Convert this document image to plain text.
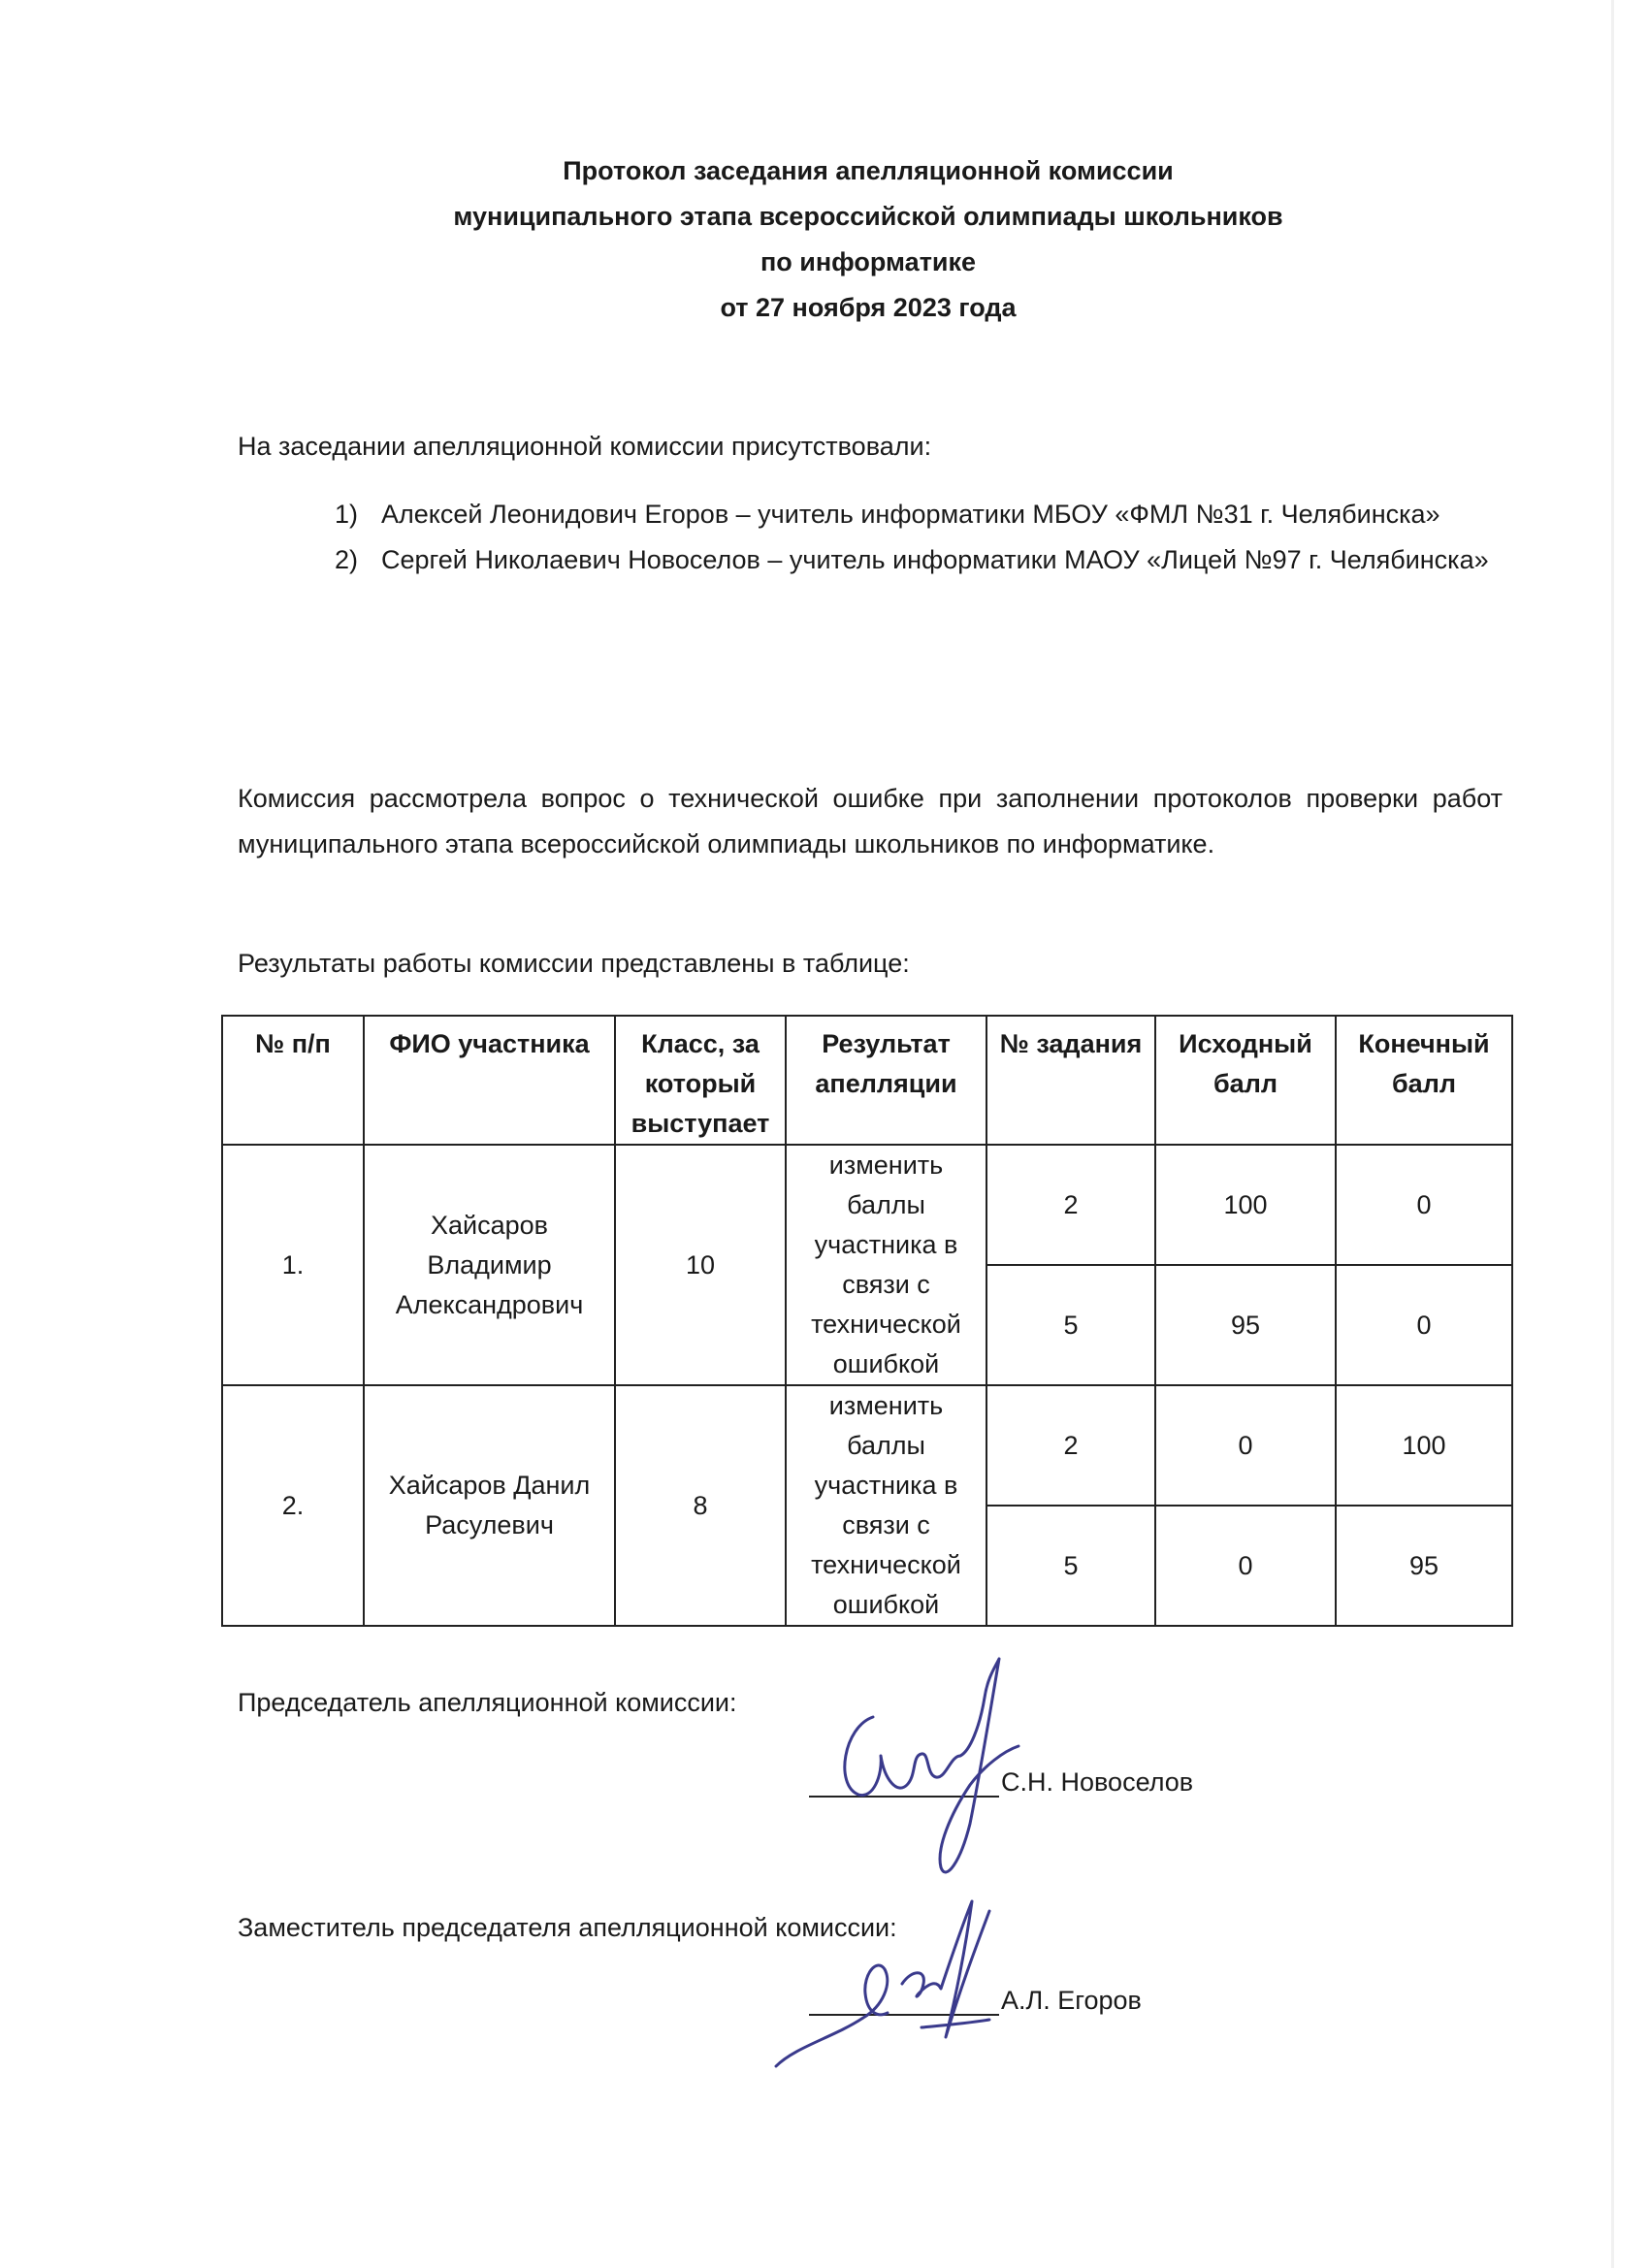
Протокол заседания апелляционной комиссии
муниципального этапа всероссийской олимпиады школьников
по информатике
от 27 ноября 2023 года
На заседании апелляционной комиссии присутствовали:
1) Алексей Леонидович Егоров – учитель информатики МБОУ «ФМЛ №31 г. Челябинска»
2) Сергей Николаевич Новоселов – учитель информатики МАОУ «Лицей №97 г. Челябинска»
Комиссия рассмотрела вопрос о технической ошибке при заполнении протоколов проверки работ муниципального этапа всероссийской олимпиады школьников по информатике.
Результаты работы комиссии представлены в таблице:
№ п/п	ФИО участника	Класс, за который выступает	Результат апелляции	№ задания	Исходный балл	Конечный балл
1.	Хайсаров Владимир Александрович	10	изменить баллы участника в связи с технической ошибкой	2	100	0
				5	95	0
2.	Хайсаров Данил Расулевич	8	изменить баллы участника в связи с технической ошибкой	2	0	100
				5	0	95
Председатель апелляционной комиссии:
С.Н. Новоселов
Заместитель председателя апелляционной комиссии:
А.Л. Егоров
